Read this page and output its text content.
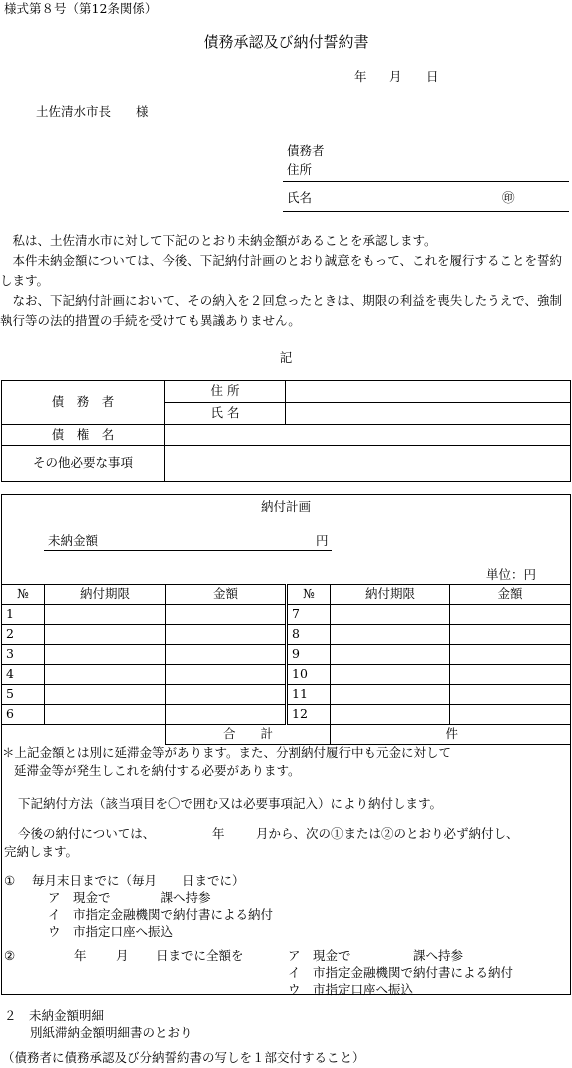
様式第８号（第12条関係）
債務承認及び納付誓約書
年 月 日
土佐清水市長　　様
債務者
住所
氏名	㊞
私は、土佐清水市に対して下記のとおり未納金額があることを承認します。
本件未納金額については、今後、下記納付計画のとおり誠意をもって、これを履行することを誓約します。
なお、下記納付計画において、その納入を２回怠ったときは、期限の利益を喪失したうえで、強制執行等の法的措置の手続を受けても異議ありません。
記
債　務　者	住 所	
	氏 名	
債　権　名		
その他必要な事項		
納付計画
未納金額	円
単位：円
№	納付期限	金額	№	納付期限	金額
1			7		
2			8		
3			9		
4			10		
5			11		
6			12		
		合　　計		件	
＊上記金額とは別に延滞金等があります。また、分割納付履行中も元金に対して
延滞金等が発生しこれを納付する必要があります。
下記納付方法（該当項目を〇で囲む又は必要事項記入）により納付します。
今後の納付については、	年	月から、次の①または②のとおり必ず納付し、
完納します。
① 毎月末日までに（毎月　　日までに）
ア　現金で　　　　課へ持参
イ　市指定金融機関で納付書による納付
ウ　市指定口座へ振込
②	年 月 日までに全額を	ア　現金で　　　　　課へ持参
イ　市指定金融機関で納付書による納付
ウ　市指定口座へ振込
２　未納金額明細
別紙滞納金額明細書のとおり
（債務者に債務承認及び分納誓約書の写しを１部交付すること）
